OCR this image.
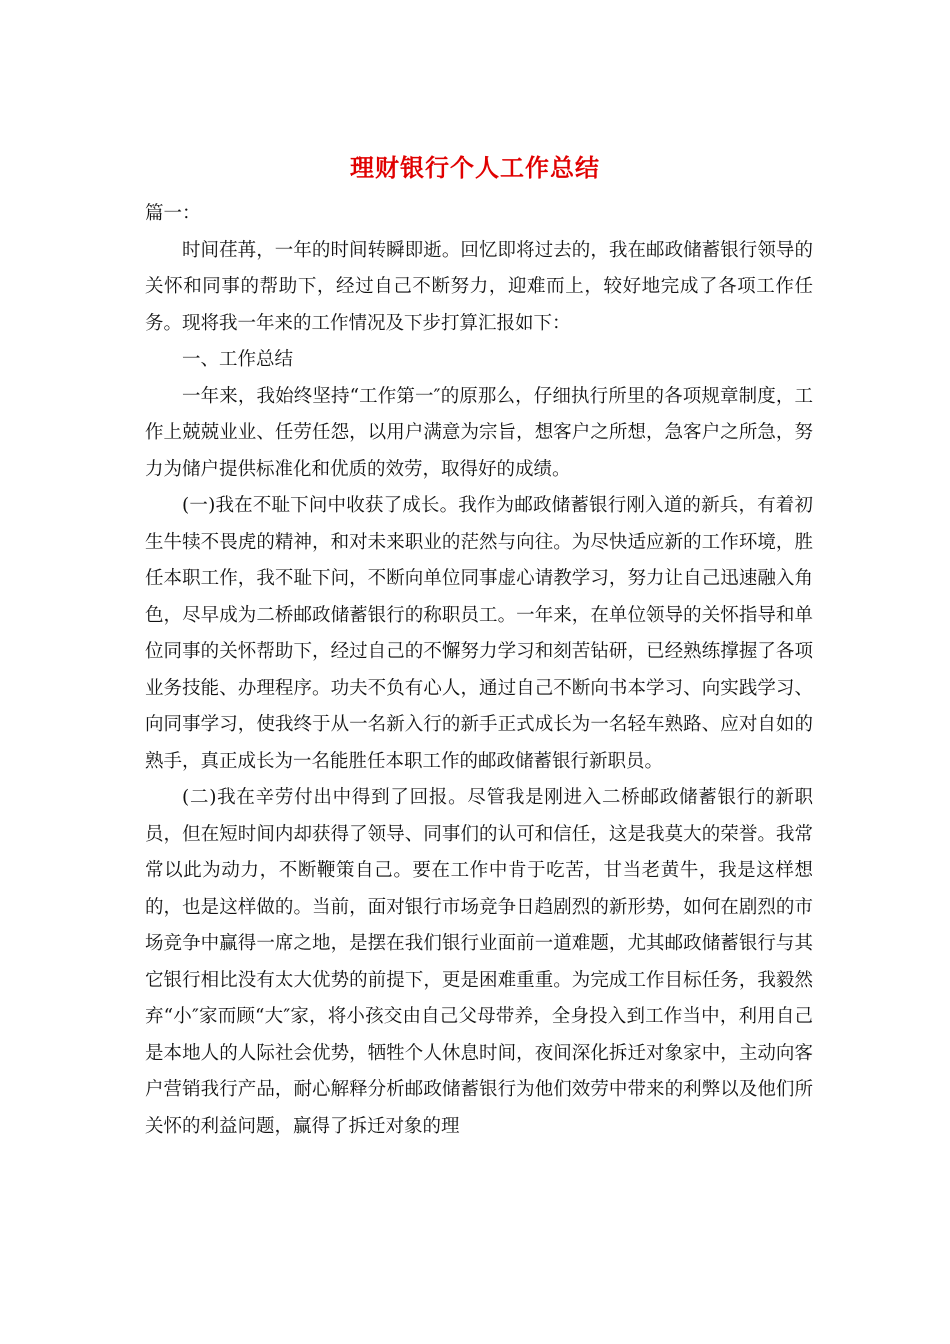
理财银行个人工作总结

篇一：

时间荏苒，一年的时间转瞬即逝。回忆即将过去的，我在邮政储蓄银行领导的关怀和同事的帮助下，经过自己不断努力，迎难而上，较好地完成了各项工作任务。现将我一年来的工作情况及下步打算汇报如下：

一、工作总结

一年来，我始终坚持“工作第一″的原那么，仔细执行所里的各项规章制度，工作上兢兢业业、任劳任怨，以用户满意为宗旨，想客户之所想，急客户之所急，努力为储户提供标准化和优质的效劳，取得好的成绩。

(一)我在不耻下问中收获了成长。我作为邮政储蓄银行刚入道的新兵，有着初生牛犊不畏虎的精神，和对未来职业的茫然与向往。为尽快适应新的工作环境，胜任本职工作，我不耻下问，不断向单位同事虚心请教学习，努力让自己迅速融入角色，尽早成为二桥邮政储蓄银行的称职员工。一年来，在单位领导的关怀指导和单位同事的关怀帮助下，经过自己的不懈努力学习和刻苦钻研，已经熟练撑握了各项业务技能、办理程序。功夫不负有心人，通过自己不断向书本学习、向实践学习、向同事学习，使我终于从一名新入行的新手正式成长为一名轻车熟路、应对自如的熟手，真正成长为一名能胜任本职工作的邮政储蓄银行新职员。

(二)我在辛劳付出中得到了回报。尽管我是刚进入二桥邮政储蓄银行的新职员，但在短时间内却获得了领导、同事们的认可和信任，这是我莫大的荣誉。我常常以此为动力，不断鞭策自己。要在工作中肯于吃苦，甘当老黄牛，我是这样想的，也是这样做的。当前，面对银行市场竞争日趋剧烈的新形势，如何在剧烈的市场竞争中赢得一席之地，是摆在我们银行业面前一道难题，尤其邮政储蓄银行与其它银行相比没有太大优势的前提下，更是困难重重。为完成工作目标任务，我毅然弃“小″家而顾“大″家，将小孩交由自己父母带养，全身投入到工作当中，利用自己是本地人的人际社会优势，牺牲个人休息时间，夜间深化拆迁对象家中，主动向客户营销我行产品，耐心解释分析邮政储蓄银行为他们效劳中带来的利弊以及他们所关怀的利益问题，赢得了拆迁对象的理
